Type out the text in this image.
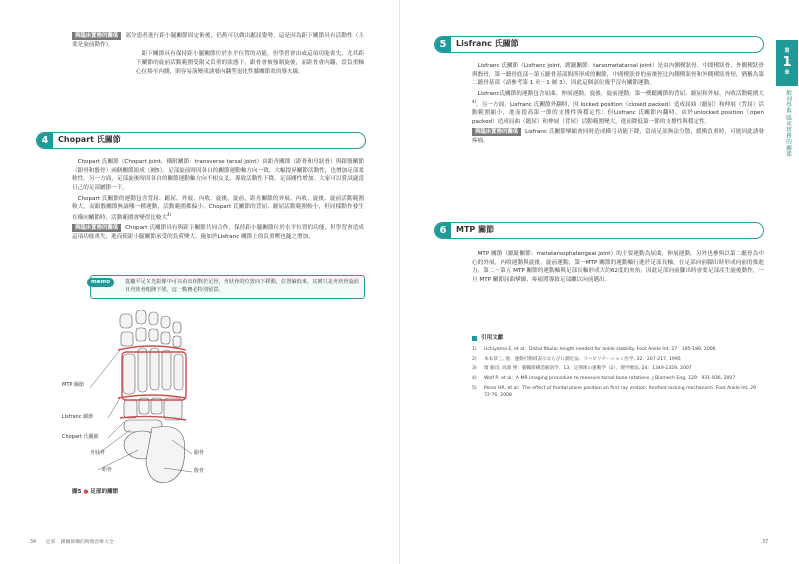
與臨床實務的關係 部分患者進行距小腿關節固定術後，仍舊可以做出蹠屈姿勢，這是因為距下關節具有活動性（主要是旋前動作）。
距下關節具有保持距小腿關節位於水平位置的功能，但學習會由或這項功能喪失，尤其距下關節的旋前活動範圍受限又負重的狀態下，跟骨會被強制旋後，而距骨會內翻，當負重軸心位移至內側，則容易演變成誘發內翻型退化性膝關節炎的導火線。
4	Chopart 氏關節
Chopart 氏關節（Chopart joint，橫附關節：transverse tarsal joint）由距舟關節（距骨和舟狀骨）與跟骰關節（跟骨和骰骨）兩個關節組成（圖5）。足部旋前時因各自的關節運動軸方向一致，大幅提昇關節活動性，也增加足部柔軟性，另一方面，足部旋後時因各自的關節運動軸方向不相交叉，導致活動性下降，足部剛性增加。大家可以嘗試適當日己的足部屬節一下。
Chopart 氏關節的運動包含背屈、蹠屈、外展、內收、旋後、旋前，距舟關節的外展、內收、旋後、旋前活動範圍較大，而跟骰關節無論哪一種運動，活動範圍都偏小。Chopart 氏關節的背屈、蹠屈活動範圍較小，但同樣動作發生在橫向關節時，活動範圍會變得比較大$^{4)}$
與臨床實務的關係 Chopart 氏關節具有與距下關節共同合作，保持距小腿關節位於水平位置的功能，但學習會造成這項功能喪失，進而使距小腿關節承受的負荷變大，施加於Lisfranc 關節上的負重壓也隨之增加。
memo	從屬平足Ｘ光影像中可以看出相對於足骨，舟狀骨的位置向下移動，位置偏低來，其實只是舟狀骨旋前且舟狀骨粗隆下墜，這一點務必特別留意。
MTP 關節
Lisfranc 關節
Chopart 氏關節
舟狀骨
距骨
跟骨
骰骨
圖5 ● 足部的關節
34 足部 踝關節構的物理治療大全
5	Lisfranc 氏關節
Lisfranc 氏關節（Lisfranc joint，跗蹠關節：tarsometatarsal joint）是由內側楔狀骨、中間楔狀骨、外側楔狀骨與骰骨，第一蹠骨底部～第五蹠骨基部間所形成的關節，中間楔狀骨的前後徑比內側楔狀骨和外側楔狀骨短，猶稱為第二蹠骨基部（請參考第 1 章－1 圖 3），因此這個部位幾乎沒有關節運動。
Lisfranc氏關節的運動包含屈曲、伸展運動、旋後、旋前運動，第一楔蹠關節的背屈、蹠屈和外展、內收活動範圍大$^{4)}$。另一方面，Lisfranc 氏關節外翻時，因 locked position（closed packed）造成屈曲（蹠屈）和伸展（背屈）活動範圍縮小，進而提高第一節的支撐性與穩定性；但Lisfranc 氏關節內翻時，由於unlocked position（open packed）造成屈曲（蹠屈）和伸展（背屈）活動範圍變大，進而降低第一節的支撐性與穩定性。
與臨床實務的關係 Lisfranc 氏關節攣縮會同時造成橫弓功能下降，當前足部無法分散，緩衝負重時，可能因此誘發疼痛。
6	MTP 關節
MTP 關節（蹠趾關節：metatarsophalangeal joint）的主要運動為屈曲，伸展運動，另外也參與以第二蹠骨為中心的外展，內收運動與旋後，旋前運動，第一MTP 關節的運動軸行進於足部長軸，在足部向前腳出時形成向前的推進力，第二～第五 MTP 關節的運動軸與足部長軸形成大約62度的夾角，因此足部向前腳出時會要足部產生旋後動作，一旦 MTP 關節屈曲攣縮，疼痛將導致足部離以向前邁出。
引用文獻
1)	Uchiyama E, et al：Distal fibular length needed for ankle stability. Foot Ankle Int, 27：185-189, 2006
2)	本本恭三, 他：運動可動域表示ならびに測定法．リハビリテーション医学, 32：207-217, 1995
3)	壇 順司, 高濱 照：腳關節構造解剖学．13，足関節の運動学（2），理学療法, 24：1349-1359, 2007
4)	Wolf P, et al：A MR imaging procedure to measure tarsal bone rotations. J Biomech Eng, 129：931-936, 2007
5)	Perez HR, et al：The effect of frontal plane position on first ray motion: forefoot locking mechanism. Foot Ankle Int, 29：72-76, 2008
第
1
章
解剖學與臨床實務的關係
37
